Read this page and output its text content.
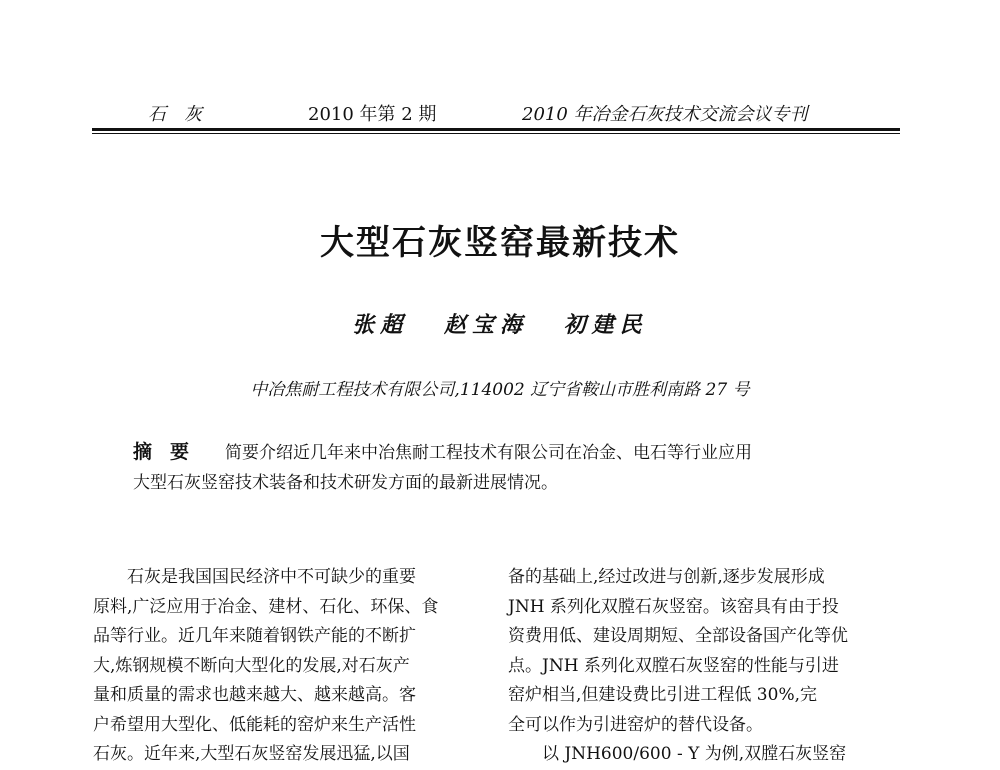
石灰	2010 年第 2 期	2010 年冶金石灰技术交流会议专刊
大型石灰竖窑最新技术
张超 赵宝海 初建民
中冶焦耐工程技术有限公司,114002 辽宁省鞍山市胜利南路 27 号
摘要 简要介绍近几年来中冶焦耐工程技术有限公司在冶金、电石等行业应用
大型石灰竖窑技术装备和技术研发方面的最新进展情况。
石灰是我国国民经济中不可缺少的重要
原料,广泛应用于冶金、建材、石化、环保、食
品等行业。近几年来随着钢铁产能的不断扩
大,炼钢规模不断向大型化的发展,对石灰产
量和质量的需求也越来越大、越来越高。客
户希望用大型化、低能耗的窑炉来生产活性
石灰。近年来,大型石灰竖窑发展迅猛,以国
备的基础上,经过改进与创新,逐步发展形成
JNH 系列化双膛石灰竖窑。该窑具有由于投
资费用低、建设周期短、全部设备国产化等优
点。JNH 系列化双膛石灰竖窑的性能与引进
窑炉相当,但建设费比引进工程低 30%,完
全可以作为引进窑炉的替代设备。
以 JNH600/600 - Y 为例,双膛石灰竖窑
